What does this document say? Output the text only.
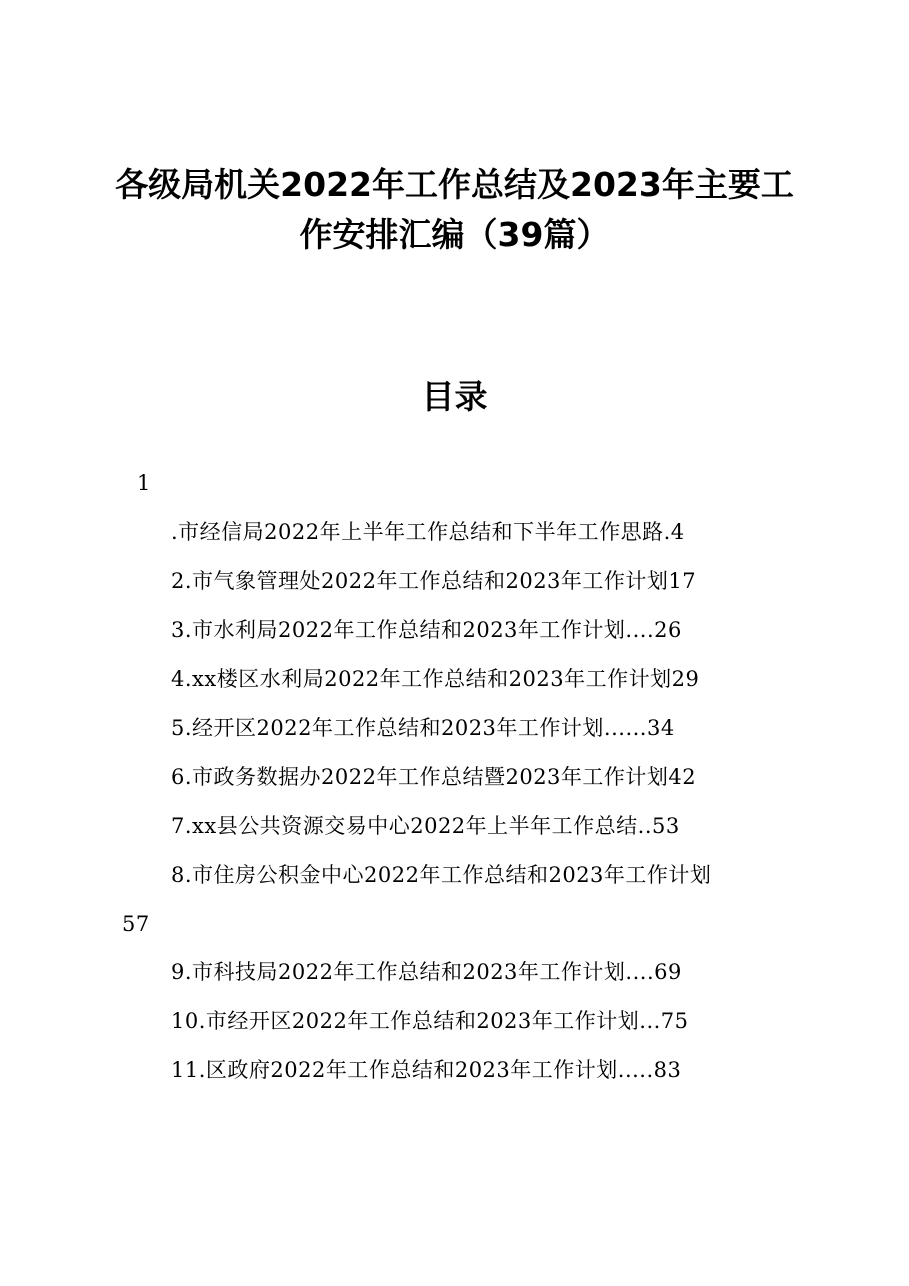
各级局机关2022年工作总结及2023年主要工
作安排汇编（39篇）
目录
1
.市经信局2022年上半年工作总结和下半年工作思路.4
2.市气象管理处2022年工作总结和2023年工作计划17
3.市水利局2022年工作总结和2023年工作计划....26
4.xx楼区水利局2022年工作总结和2023年工作计划29
5.经开区2022年工作总结和2023年工作计划......34
6.市政务数据办2022年工作总结暨2023年工作计划42
7.xx县公共资源交易中心2022年上半年工作总结..53
8.市住房公积金中心2022年工作总结和2023年工作计划
57
9.市科技局2022年工作总结和2023年工作计划....69
10.市经开区2022年工作总结和2023年工作计划...75
11.区政府2022年工作总结和2023年工作计划.....83
